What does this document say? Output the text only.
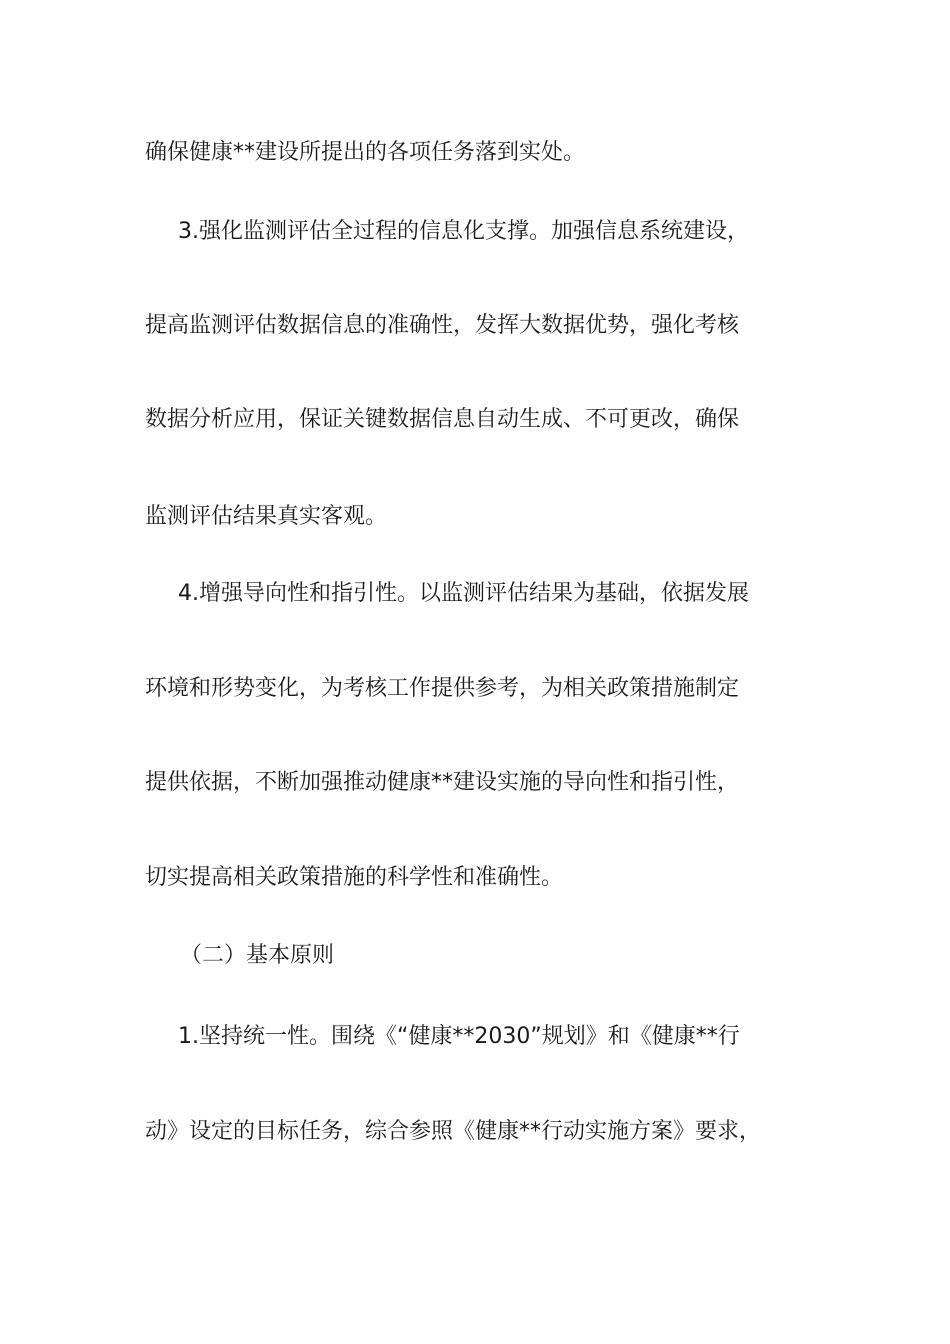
确保健康**建设所提出的各项任务落到实处。
3.强化监测评估全过程的信息化支撑。加强信息系统建设，
提高监测评估数据信息的准确性，发挥大数据优势，强化考核
数据分析应用，保证关键数据信息自动生成、不可更改，确保
监测评估结果真实客观。
4.增强导向性和指引性。以监测评估结果为基础，依据发展
环境和形势变化，为考核工作提供参考，为相关政策措施制定
提供依据，不断加强推动健康**建设实施的导向性和指引性，
切实提高相关政策措施的科学性和准确性。
（二）基本原则
1.坚持统一性。围绕《“健康**2030”规划》和《健康**行
动》设定的目标任务，综合参照《健康**行动实施方案》要求，
